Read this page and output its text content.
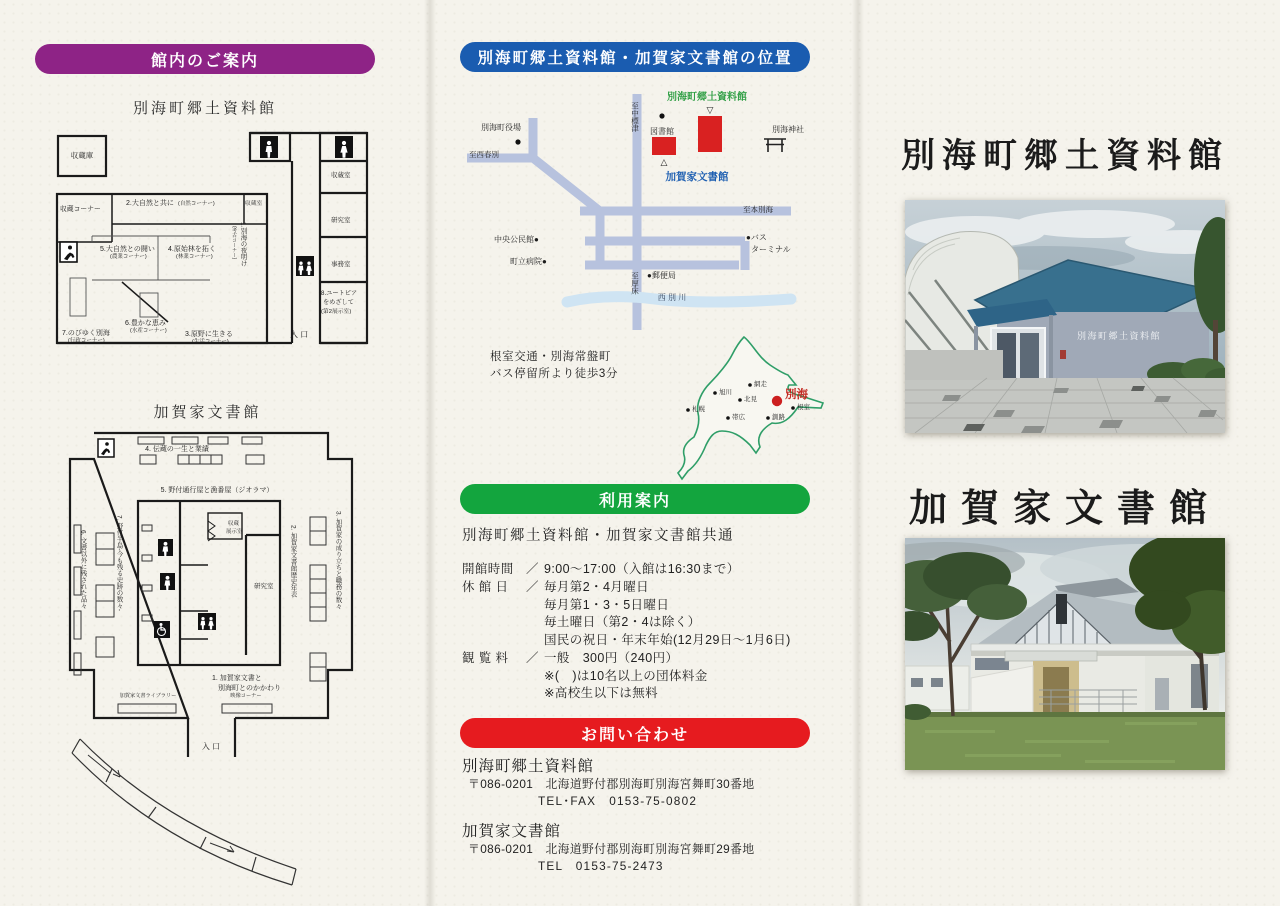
館内のご案内
別海町郷土資料館
収蔵庫
収蔵コーナー
2.大自然と共に (自然コーナー)	収蔵室
1.別海の夜明け
(考古コーナー)
5.大自然との闘い
(農業コーナー)
4.原始林を拓く
(林業コーナー)
6.豊かな恵み
(水産コーナー)	3.原野に生きる
(生活コーナー)
7.のびゆく別海
(行政コーナー)
収蔵室
研究室
事務室
8.ユートピア
をめざして
(第2展示室)
入 口
加賀家文書館
4. 伝蔵の一生と業績
5. 野付通行屋と漁番屋（ジオラマ）
収蔵
展示室
研究室
7. 野付半島-今も残る史跡の数々-
6. 文書以外に残された品々	2. 加賀家文書館歴史年表	3. 加賀家の成り立ちと職務の数々
1. 加賀家文書と
別海町とのかかわり
加賀家文書ライブラリー	映像コーナー
入 口
別海町郷土資料館・加賀家文書館の位置
別海町郷土資料館
▽
図書館
別海町役場	別海神社
△
加賀家文書館
至中標津
至西春別
至本別海
至厚床
中央公民館●
町立病院●
●バス
ターミナル
●郵便局
西 別 川
根室交通・別海常盤町
バス停留所より徒歩3分
網走
旭川
北見
札幌
帯広	釧路
根室
別海
利用案内
別海町郷土資料館・加賀家文書館共通
開館時間 ／ 9:00～17:00（入館は16:30まで）
休 館 日	／ 毎月第2・4月曜日
毎月第1・3・5日曜日
毎土曜日（第2・4は除く）
国民の祝日・年末年始(12月29日～1月6日)
観 覧 料	／ 一般　300円（240円）
※(　)は10名以上の団体料金
※高校生以下は無料
お問い合わせ
別海町郷土資料館
〒086-0201　 北海道野付郡別海町別海宮舞町30番地
TEL･FAX　0153-75-0802
加賀家文書館
〒086-0201　 北海道野付郡別海町別海宮舞町29番地
TEL　0153-75-2473
別海町郷土資料館
別海町郷土資料館
加賀家文書館
